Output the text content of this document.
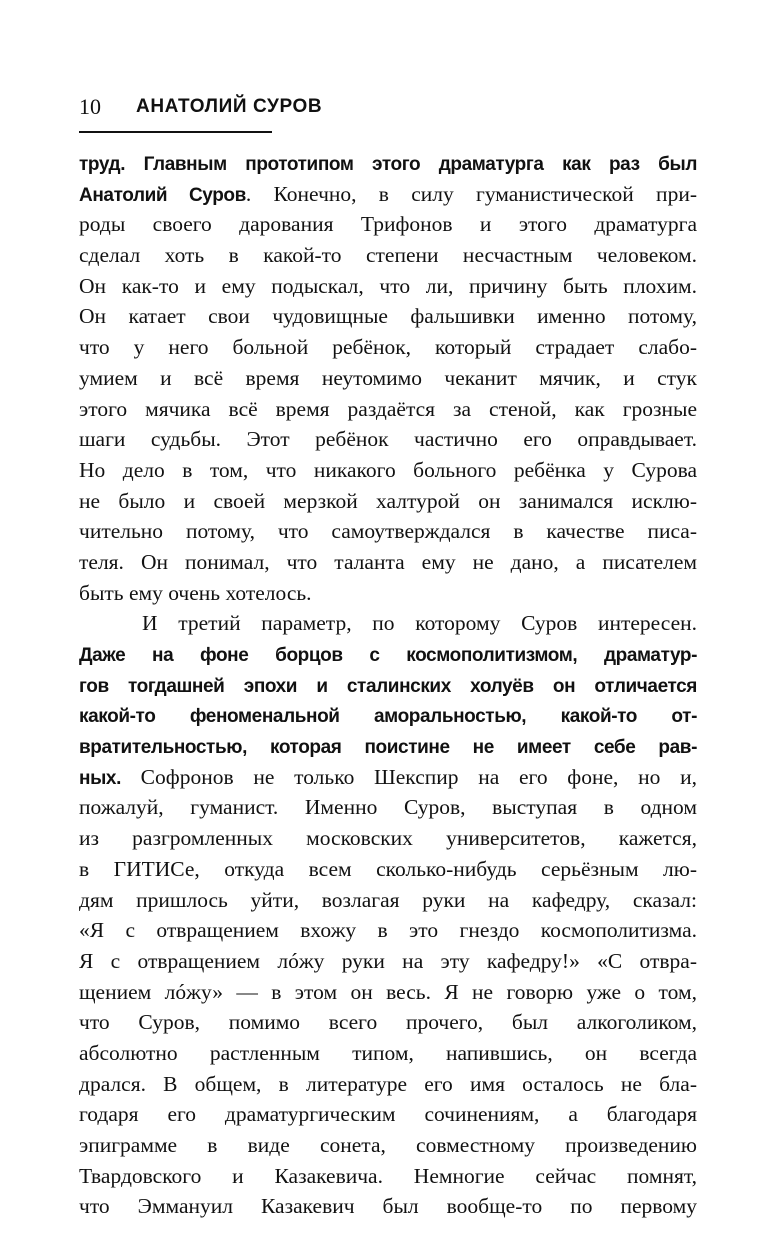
10 АНАТОЛИЙ СУРОВ
труд. Главным прототипом этого драматурга как раз был
Анатолий Суров. Конечно, в силу гуманистической при-
роды своего дарования Трифонов и этого драматурга
сделал хоть в какой-то степени несчастным человеком.
Он как-то и ему подыскал, что ли, причину быть плохим.
Он катает свои чудовищные фальшивки именно потому,
что у него больной ребёнок, который страдает слабо-
умием и всё время неутомимо чеканит мячик, и стук
этого мячика всё время раздаётся за стеной, как грозные
шаги судьбы. Этот ребёнок частично его оправдывает.
Но дело в том, что никакого больного ребёнка у Сурова
не было и своей мерзкой халтурой он занимался исклю-
чительно потому, что самоутверждался в качестве писа-
теля. Он понимал, что таланта ему не дано, а писателем
быть ему очень хотелось.
И третий параметр, по которому Суров интересен.
Даже на фоне борцов с космополитизмом, драматур-
гов тогдашней эпохи и сталинских холуёв он отличается
какой-то феноменальной аморальностью, какой-то от-
вратительностью, которая поистине не имеет себе рав-
ных. Софронов не только Шекспир на его фоне, но и,
пожалуй, гуманист. Именно Суров, выступая в одном
из разгромленных московских университетов, кажется,
в ГИТИСе, откуда всем сколько-нибудь серьёзным лю-
дям пришлось уйти, возлагая руки на кафедру, сказал:
«Я с отвращением вхожу в это гнездо космополитизма.
Я с отвращением лóжу руки на эту кафедру!» «С отвра-
щением лóжу» — в этом он весь. Я не говорю уже о том,
что Суров, помимо всего прочего, был алкоголиком,
абсолютно растленным типом, напившись, он всегда
дрался. В общем, в литературе его имя осталось не бла-
годаря его драматургическим сочинениям, а благодаря
эпиграмме в виде сонета, совместному произведению
Твардовского и Казакевича. Немногие сейчас помнят,
что Эммануил Казакевич был вообще-то по первому
